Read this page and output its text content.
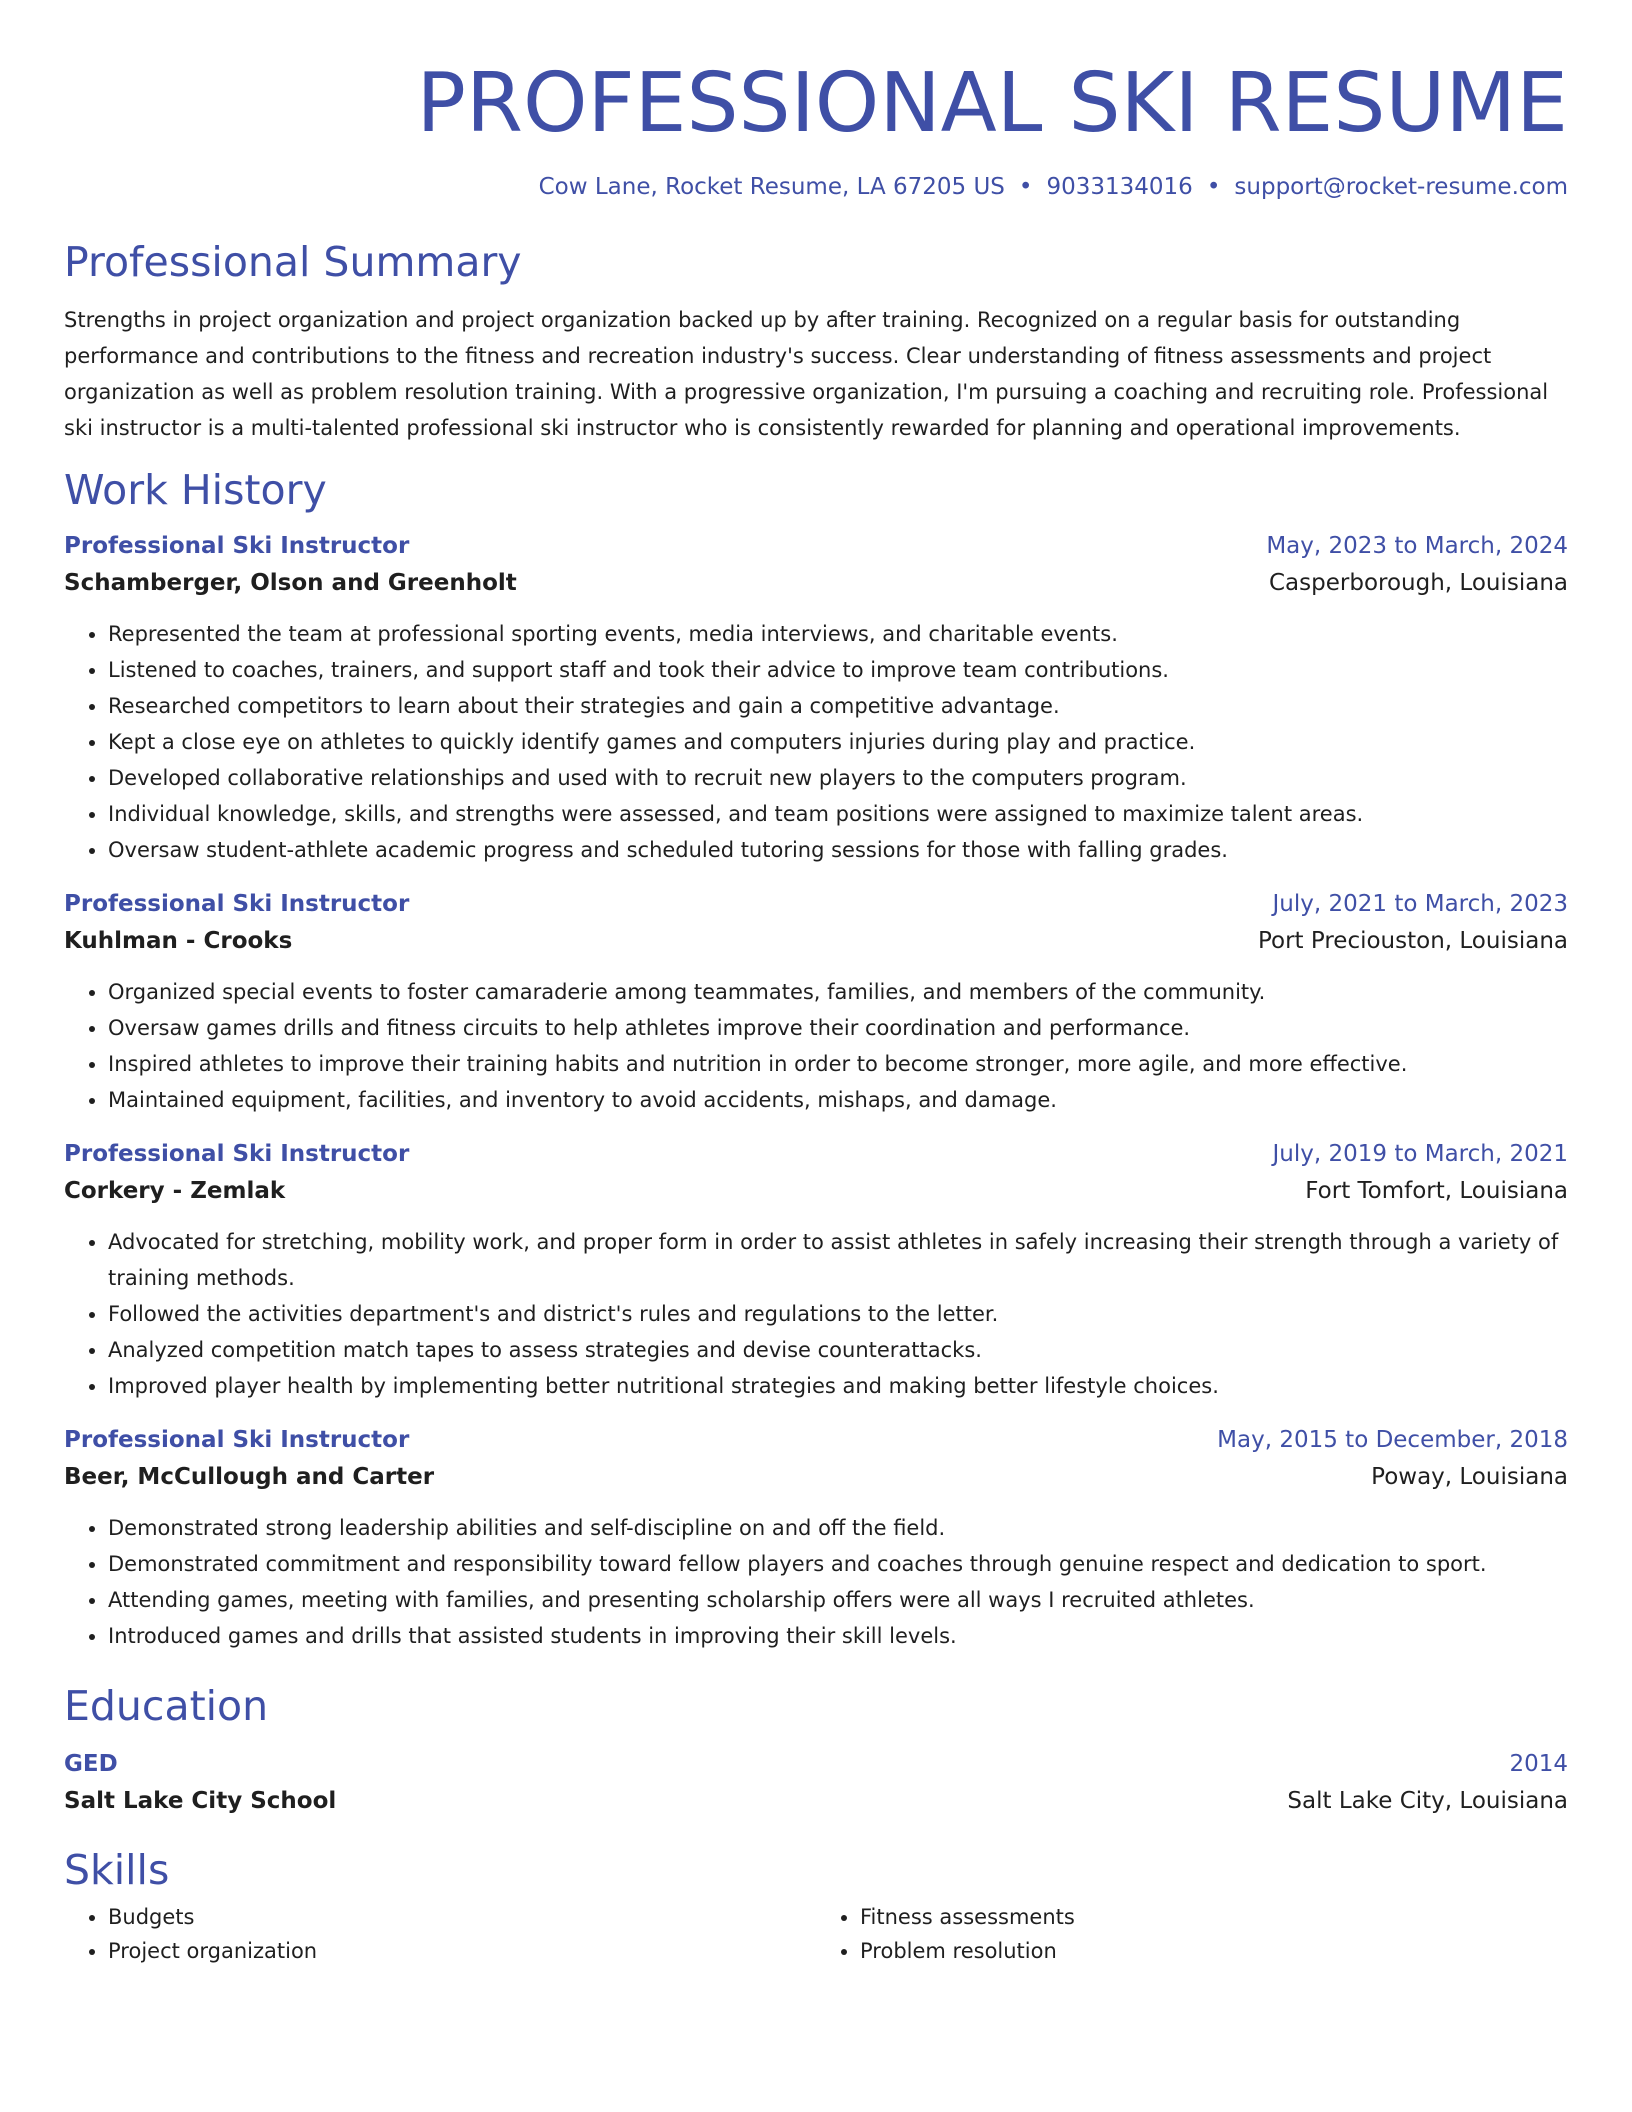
PROFESSIONAL SKI RESUME
Cow Lane, Rocket Resume, LA 67205 US • 9033134016 • support@rocket-resume.com
Professional Summary

Strengths in project organization and project organization backed up by after training. Recognized on a regular basis for outstanding performance and contributions to the fitness and recreation industry's success. Clear understanding of fitness assessments and project organization as well as problem resolution training. With a progressive organization, I'm pursuing a coaching and recruiting role. Professional ski instructor is a multi-talented professional ski instructor who is consistently rewarded for planning and operational improvements.

Work History
Professional Ski Instructor	May, 2023 to March, 2024
Schamberger, Olson and Greenholt	Casperborough, Louisiana
• Represented the team at professional sporting events, media interviews, and charitable events.
• Listened to coaches, trainers, and support staff and took their advice to improve team contributions.
• Researched competitors to learn about their strategies and gain a competitive advantage.
• Kept a close eye on athletes to quickly identify games and computers injuries during play and practice.
• Developed collaborative relationships and used with to recruit new players to the computers program.
• Individual knowledge, skills, and strengths were assessed, and team positions were assigned to maximize talent areas.
• Oversaw student-athlete academic progress and scheduled tutoring sessions for those with falling grades.
Professional Ski Instructor	July, 2021 to March, 2023
Kuhlman - Crooks	Port Preciouston, Louisiana
• Organized special events to foster camaraderie among teammates, families, and members of the community.
• Oversaw games drills and fitness circuits to help athletes improve their coordination and performance.
• Inspired athletes to improve their training habits and nutrition in order to become stronger, more agile, and more effective.
• Maintained equipment, facilities, and inventory to avoid accidents, mishaps, and damage.
Professional Ski Instructor	July, 2019 to March, 2021
Corkery - Zemlak	Fort Tomfort, Louisiana
• Advocated for stretching, mobility work, and proper form in order to assist athletes in safely increasing their strength through a variety of training methods.
• Followed the activities department's and district's rules and regulations to the letter.
• Analyzed competition match tapes to assess strategies and devise counterattacks.
• Improved player health by implementing better nutritional strategies and making better lifestyle choices.
Professional Ski Instructor	May, 2015 to December, 2018
Beer, McCullough and Carter	Poway, Louisiana
• Demonstrated strong leadership abilities and self-discipline on and off the field.
• Demonstrated commitment and responsibility toward fellow players and coaches through genuine respect and dedication to sport.
• Attending games, meeting with families, and presenting scholarship offers were all ways I recruited athletes.
• Introduced games and drills that assisted students in improving their skill levels.
Education
GED	2014
Salt Lake City School	Salt Lake City, Louisiana
Skills
• Budgets
• Project organization
• Fitness assessments
• Problem resolution
